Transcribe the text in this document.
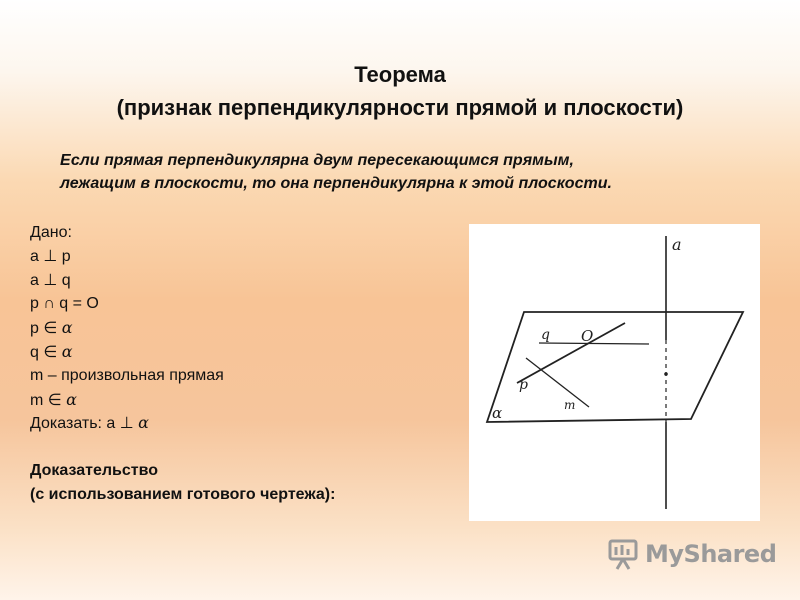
Теорема
(признак перпендикулярности прямой и плоскости)
Если прямая перпендикулярна двум пересекающимся прямым,
лежащим в плоскости, то она перпендикулярна к этой плоскости.
Дано:
a ⊥ p
a ⊥ q
p ∩ q = O
p ∈ α
q ∈ α
m – произвольная прямая
m ∈ α
Доказать: a ⊥ α
Доказательство
(с использованием готового чертежа):
a
q O
p
m
α
MyShared
